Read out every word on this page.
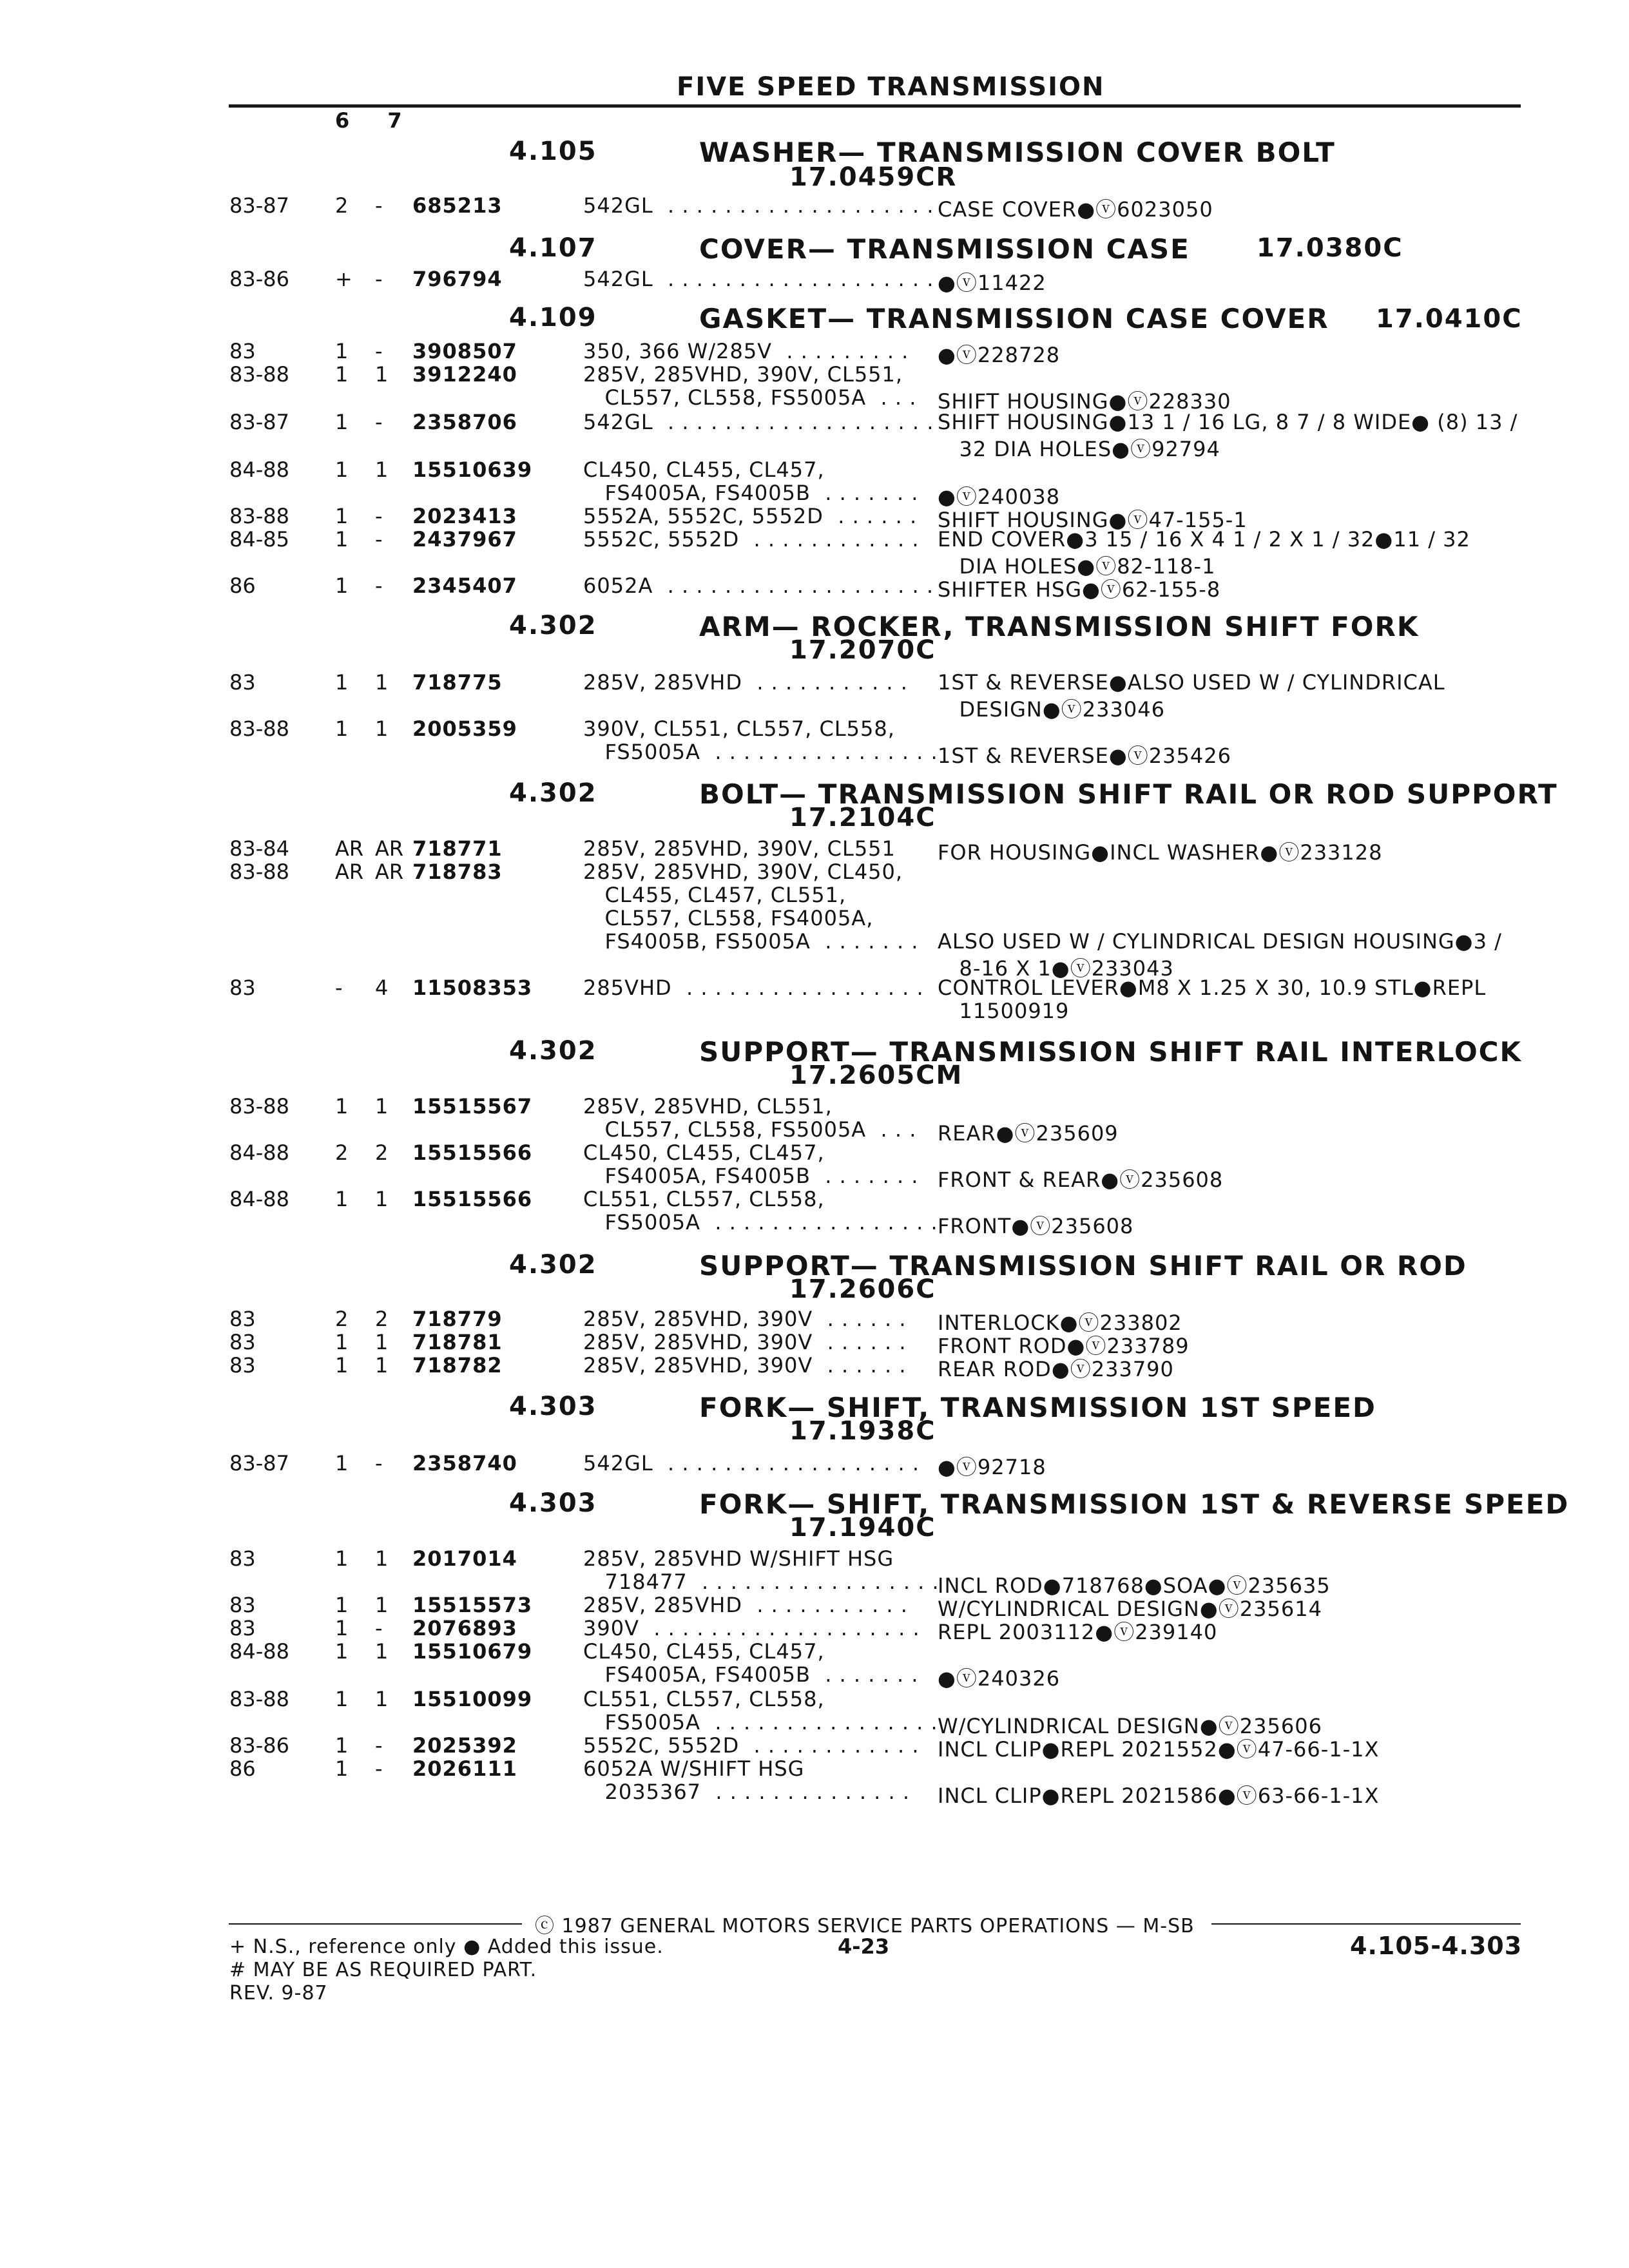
FIVE SPEED TRANSMISSION
6 7
4.105	WASHER— TRANSMISSION COVER BOLT
17.0459CR
83-87 2 - 685213	542GL  . . . . . . . . . . . . . . . . . . . CASE COVER●ⓥ6023050
4.107	COVER— TRANSMISSION CASE	17.0380C
83-86 + - 796794	542GL  . . . . . . . . . . . . . . . . . . . ●ⓥ11422
4.109	GASKET— TRANSMISSION CASE COVER 17.0410C
83	1 - 3908507	350, 366 W/285V  . . . . . . . . . ●ⓥ228728
83-88 1 1 3912240	285V, 285VHD, 390V, CL551,
CL557, CL558, FS5005A  . . . SHIFT HOUSING●ⓥ228330
83-87 1 - 2358706	542GL  . . . . . . . . . . . . . . . . . . . SHIFT HOUSING●13 1 / 16 LG, 8 7 / 8 WIDE● (8) 13 /
32 DIA HOLES●ⓥ92794
84-88 1 1 15510639 CL450, CL455, CL457,
FS4005A, FS4005B  . . . . . . . ●ⓥ240038
83-88 1 - 2023413	5552A, 5552C, 5552D  . . . . . . SHIFT HOUSING●ⓥ47-155-1
84-85 1 - 2437967	5552C, 5552D  . . . . . . . . . . . . END COVER●3 15 / 16 X 4 1 / 2 X 1 / 32●11 / 32
DIA HOLES●ⓥ82-118-1
86	1 - 2345407	6052A  . . . . . . . . . . . . . . . . . . . SHIFTER HSG●ⓥ62-155-8
4.302	ARM— ROCKER, TRANSMISSION SHIFT FORK
17.2070C
83	1 1 718775	285V, 285VHD  . . . . . . . . . . . 1ST & REVERSE●ALSO USED W / CYLINDRICAL
DESIGN●ⓥ233046
83-88 1 1 2005359	390V, CL551, CL557, CL558,
FS5005A  . . . . . . . . . . . . . . . . 1ST & REVERSE●ⓥ235426
4.302	BOLT— TRANSMISSION SHIFT RAIL OR ROD SUPPORT
17.2104C
83-84 AR AR 718771	285V, 285VHD, 390V, CL551 FOR HOUSING●INCL WASHER●ⓥ233128
83-88 AR AR 718783	285V, 285VHD, 390V, CL450,
CL455, CL457, CL551,
CL557, CL558, FS4005A,
FS4005B, FS5005A  . . . . . . . ALSO USED W / CYLINDRICAL DESIGN HOUSING●3 /
8-16 X 1●ⓥ233043
83	- 4 11508353 285VHD  . . . . . . . . . . . . . . . . . CONTROL LEVER●M8 X 1.25 X 30, 10.9 STL●REPL
11500919
4.302	SUPPORT— TRANSMISSION SHIFT RAIL INTERLOCK
17.2605CM
83-88 1 1 15515567 285V, 285VHD, CL551,
CL557, CL558, FS5005A  . . . REAR●ⓥ235609
84-88 2 2 15515566 CL450, CL455, CL457,
FS4005A, FS4005B  . . . . . . . FRONT & REAR●ⓥ235608
84-88 1 1 15515566 CL551, CL557, CL558,
FS5005A  . . . . . . . . . . . . . . . . FRONT●ⓥ235608
4.302	SUPPORT— TRANSMISSION SHIFT RAIL OR ROD
17.2606C
83	2 2 718779	285V, 285VHD, 390V  . . . . . . INTERLOCK●ⓥ233802
83	1 1 718781	285V, 285VHD, 390V  . . . . . . FRONT ROD●ⓥ233789
83	1 1 718782	285V, 285VHD, 390V  . . . . . . REAR ROD●ⓥ233790
4.303	FORK— SHIFT, TRANSMISSION 1ST SPEED
17.1938C
83-87 1 - 2358740	542GL  . . . . . . . . . . . . . . . . . . ●ⓥ92718
4.303	FORK— SHIFT, TRANSMISSION 1ST & REVERSE SPEED
17.1940C
83	1 1 2017014	285V, 285VHD W/SHIFT HSG
718477  . . . . . . . . . . . . . . . . .
INCL ROD●718768●SOA●ⓥ235635
83	1 1 15515573 285V, 285VHD  . . . . . . . . . . . W/CYLINDRICAL DESIGN●ⓥ235614
83	1 - 2076893	390V  . . . . . . . . . . . . . . . . . . . REPL 2003112●ⓥ239140
84-88 1 1 15510679 CL450, CL455, CL457,
FS4005A, FS4005B  . . . . . . . ●ⓥ240326
83-88 1 1 15510099 CL551, CL557, CL558,
FS5005A  . . . . . . . . . . . . . . . . W/CYLINDRICAL DESIGN●ⓥ235606
83-86 1 - 2025392	5552C, 5552D  . . . . . . . . . . . . INCL CLIP●REPL 2021552●ⓥ47-66-1-1X
86	1 - 2026111	6052A W/SHIFT HSG
2035367  . . . . . . . . . . . . . . INCL CLIP●REPL 2021586●ⓥ63-66-1-1X
ⓒ 1987 GENERAL MOTORS SERVICE PARTS OPERATIONS — M-SB
+ N.S., reference only ● Added this issue.	4-23	4.105-4.303
# MAY BE AS REQUIRED PART.
REV. 9-87
